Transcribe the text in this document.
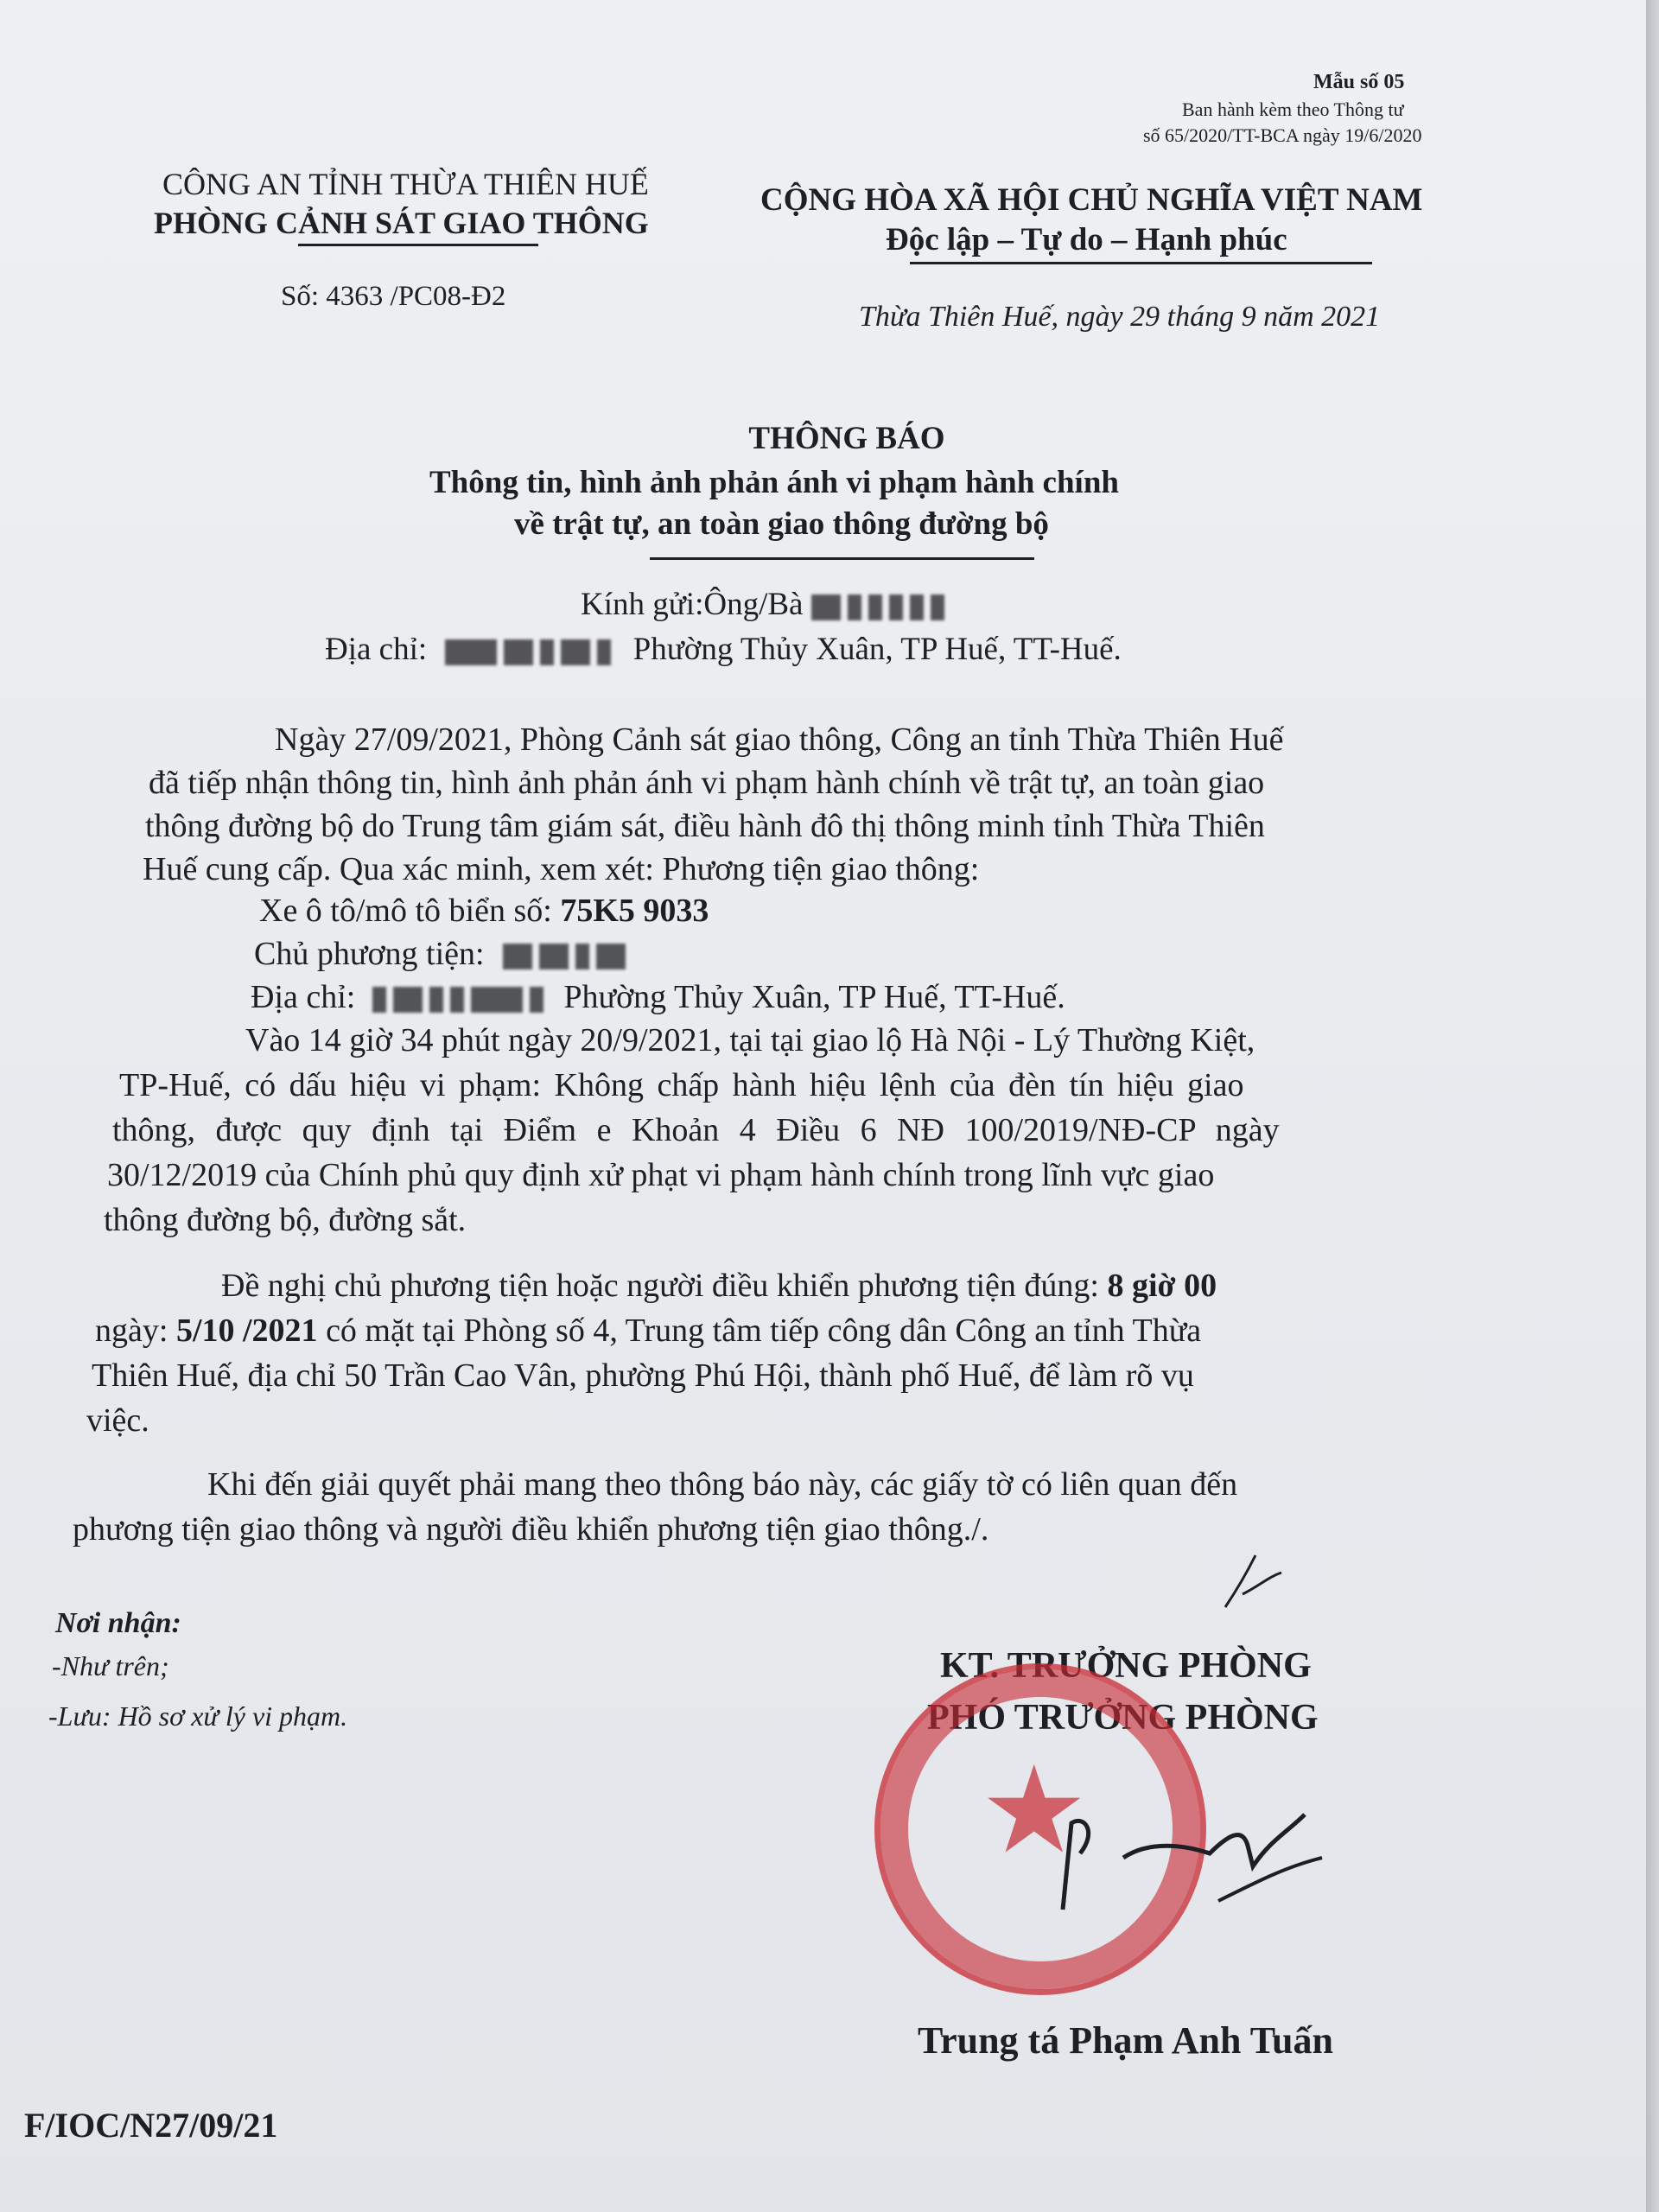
Mẫu số 05
Ban hành kèm theo Thông tư
số 65/2020/TT-BCA ngày 19/6/2020
CÔNG AN TỈNH THỪA THIÊN HUẾ
PHÒNG CẢNH SÁT GIAO THÔNG
Số: 4363 /PC08-Đ2
CỘNG HÒA XÃ HỘI CHỦ NGHĨA VIỆT NAM
Độc lập – Tự do – Hạnh phúc
Thừa Thiên Huế, ngày 29 tháng 9 năm 2021
THÔNG BÁO
Thông tin, hình ảnh phản ánh vi phạm hành chính
về trật tự, an toàn giao thông đường bộ
Kính gửi:Ông/Bà
Địa chỉ:	Phường Thủy Xuân, TP Huế, TT-Huế.
Ngày 27/09/2021, Phòng Cảnh sát giao thông, Công an tỉnh Thừa Thiên Huế
đã tiếp nhận thông tin, hình ảnh phản ánh vi phạm hành chính về trật tự, an toàn giao
thông đường bộ do Trung tâm giám sát, điều hành đô thị thông minh tỉnh Thừa Thiên
Huế cung cấp. Qua xác minh, xem xét: Phương tiện giao thông:
Xe ô tô/mô tô biển số: 75K5 9033
Chủ phương tiện:
Địa chỉ:	Phường Thủy Xuân, TP Huế, TT-Huế.
Vào 14 giờ 34 phút ngày 20/9/2021, tại tại giao lộ Hà Nội - Lý Thường Kiệt,
TP-Huế, có dấu hiệu vi phạm: Không chấp hành hiệu lệnh của đèn tín hiệu giao
thông, được quy định tại Điểm e Khoản 4 Điều 6 NĐ 100/2019/NĐ-CP ngày
30/12/2019 của Chính phủ quy định xử phạt vi phạm hành chính trong lĩnh vực giao
thông đường bộ, đường sắt.
Đề nghị chủ phương tiện hoặc người điều khiển phương tiện đúng: 8 giờ 00
ngày: 5/10 /2021 có mặt tại Phòng số 4, Trung tâm tiếp công dân Công an tỉnh Thừa
Thiên Huế, địa chỉ 50 Trần Cao Vân, phường Phú Hội, thành phố Huế, để làm rõ vụ
việc.
Khi đến giải quyết phải mang theo thông báo này, các giấy tờ có liên quan đến
phương tiện giao thông và người điều khiển phương tiện giao thông./.
Nơi nhận:
-Như trên;
-Lưu: Hồ sơ xử lý vi phạm.
KT. TRƯỞNG PHÒNG
PHÓ TRƯỞNG PHÒNG
★
Trung tá Phạm Anh Tuấn
F/IOC/N27/09/21
